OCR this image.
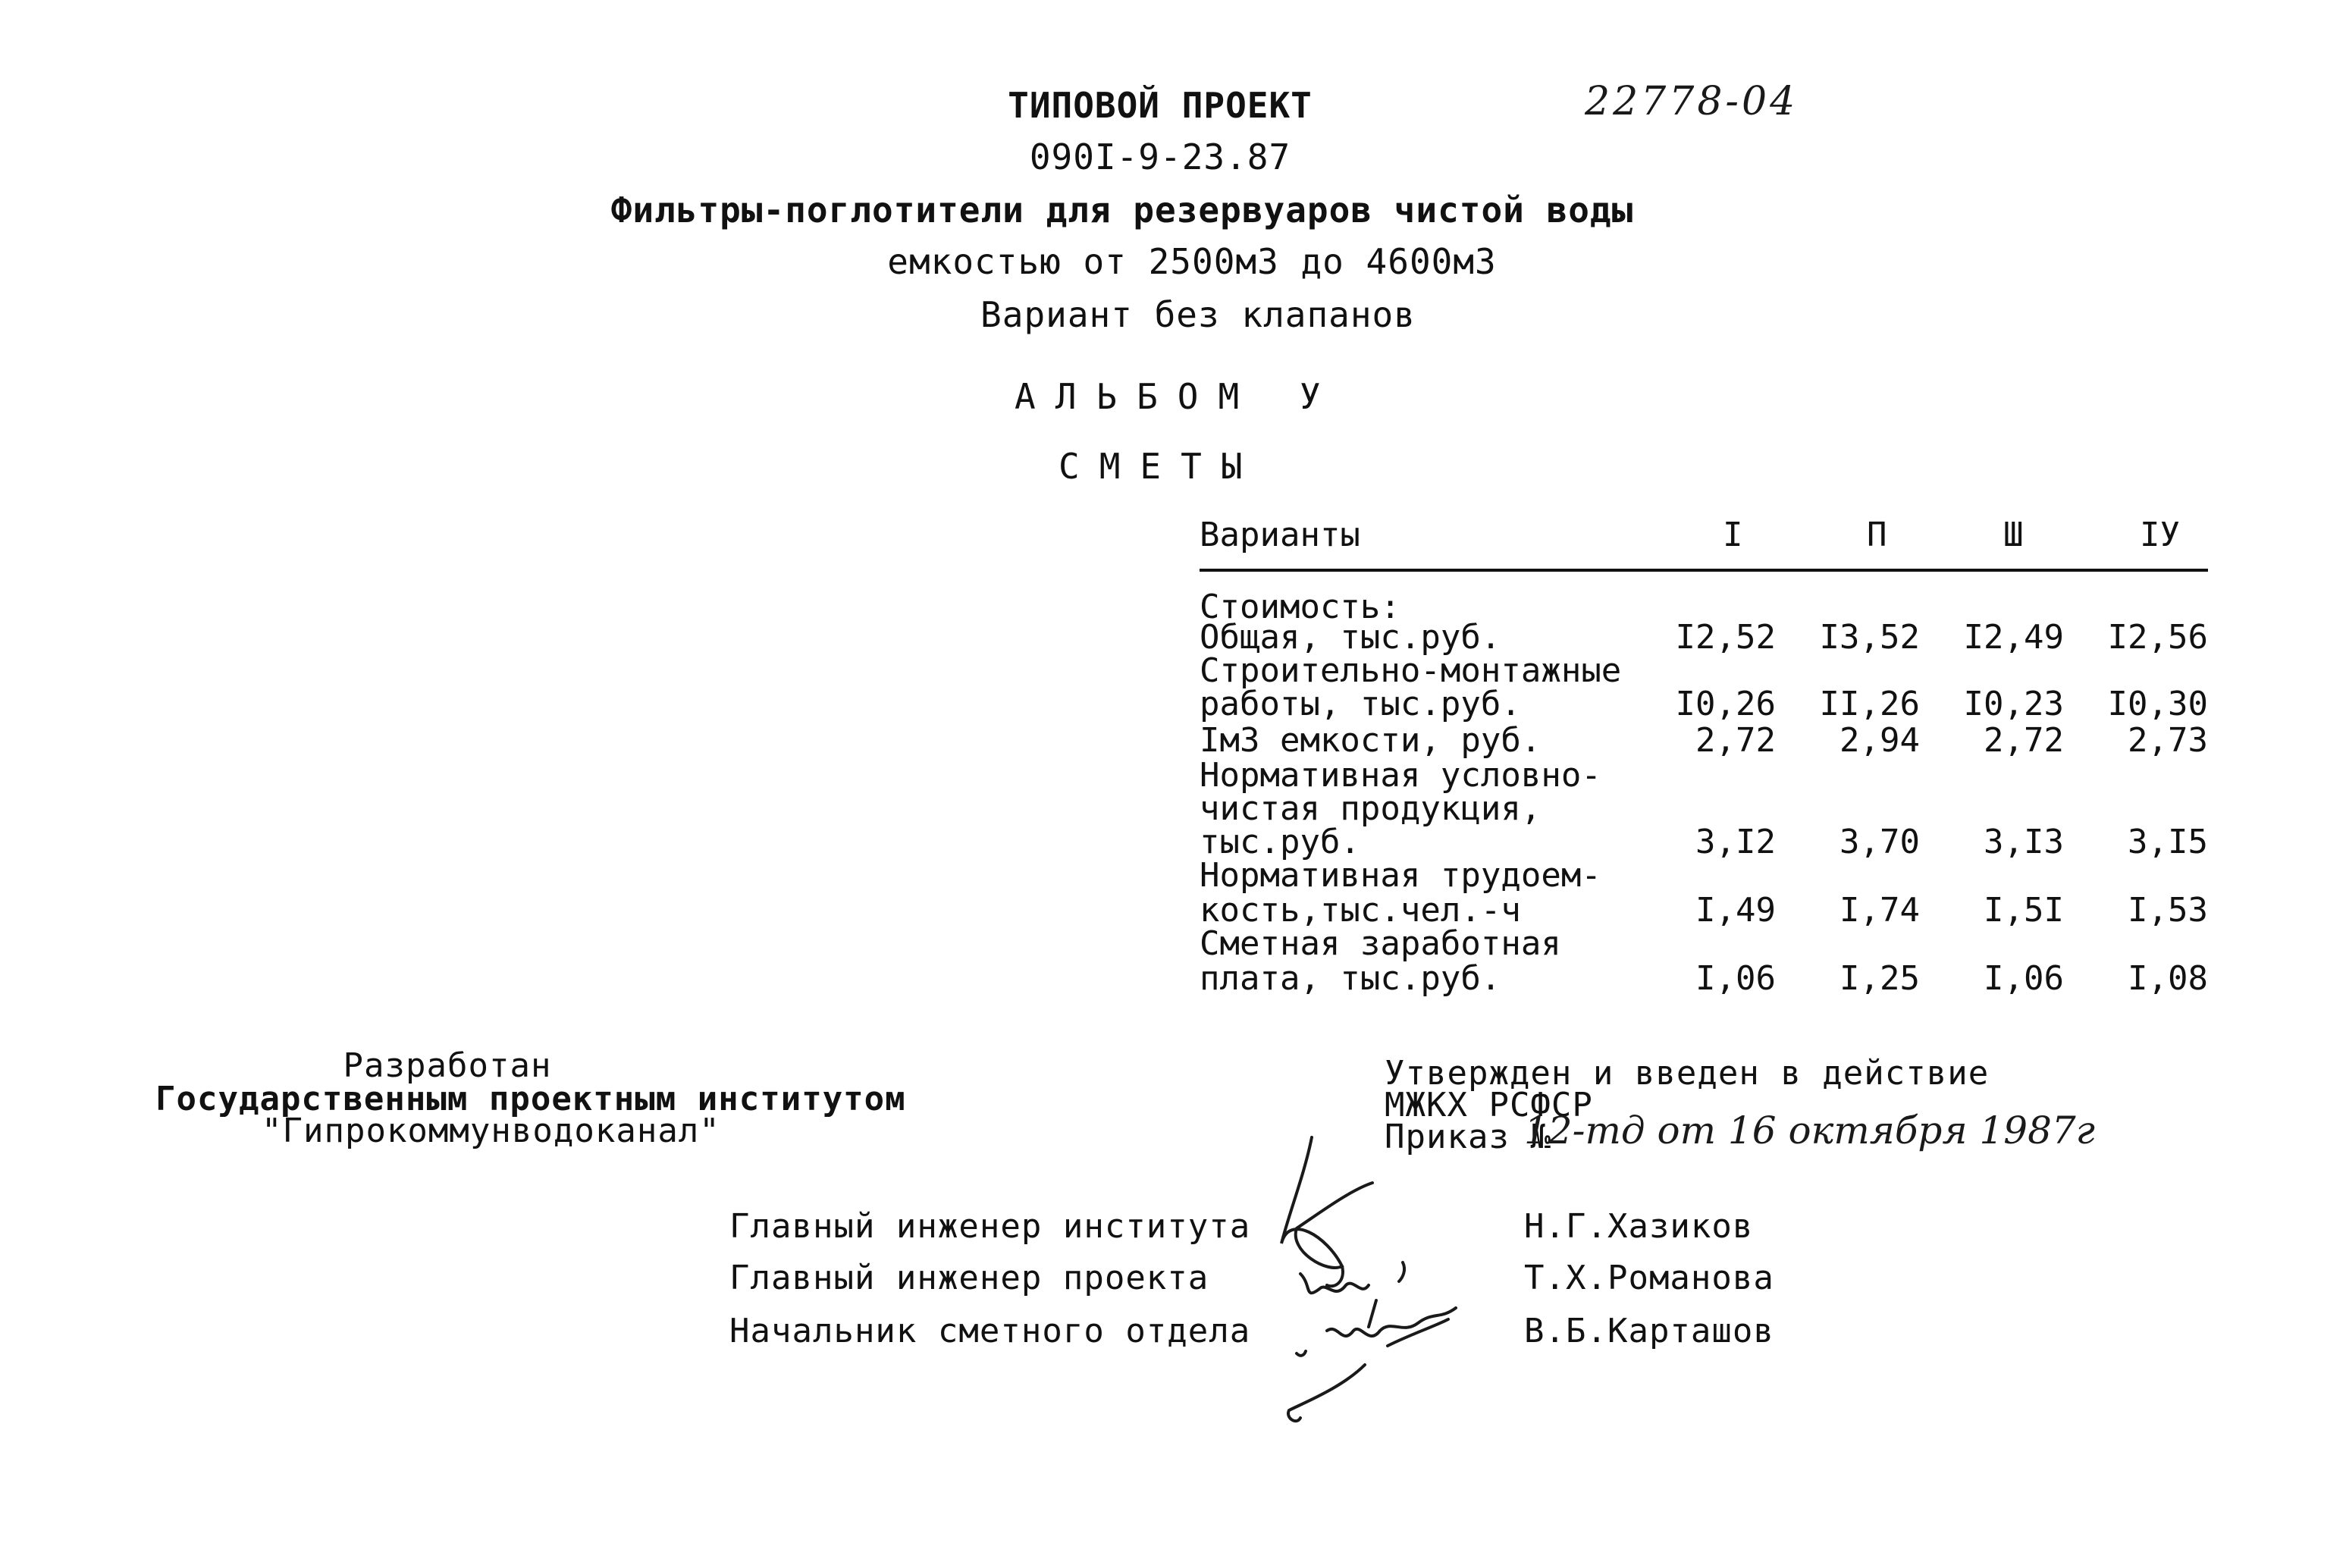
ТИПОВОЙ ПРОЕКТ	22778-04
090I-9-23.87
Фильтры-поглотители для резервуаров чистой воды
емкостью от 2500м3 до 4600м3
Вариант без клапанов
АЛЬБОМ У
СМЕТЫ
Варианты	I	П	Ш	IУ
Стоимость:
Общая, тыс.руб.	I2,52	I3,52	I2,49	I2,56
Строительно-монтажные
работы, тыс.руб.	I0,26	II,26	I0,23	I0,30
IмЗ емкости, руб.	2,72	2,94	2,72	2,73
Нормативная условно-
чистая продукция,
тыс.руб.	3,I2	3,70	3,I3	3,I5
Нормативная трудоем-
кость,тыс.чел.-ч	I,49	I,74	I,5I	I,53
Сметная заработная
плата, тыс.руб.	I,06	I,25	I,06	I,08
Разработан
Государственным проектным институтом
"Гипрокоммунводоканал"
Утвержден и введен в действие
МЖКХ РСФСР
Приказ №
12-тд от 16 октября 1987г
Главный инженер института	Н.Г.Хазиков
Главный инженер проекта	Т.Х.Романова
Начальник сметного отдела	В.Б.Карташов
